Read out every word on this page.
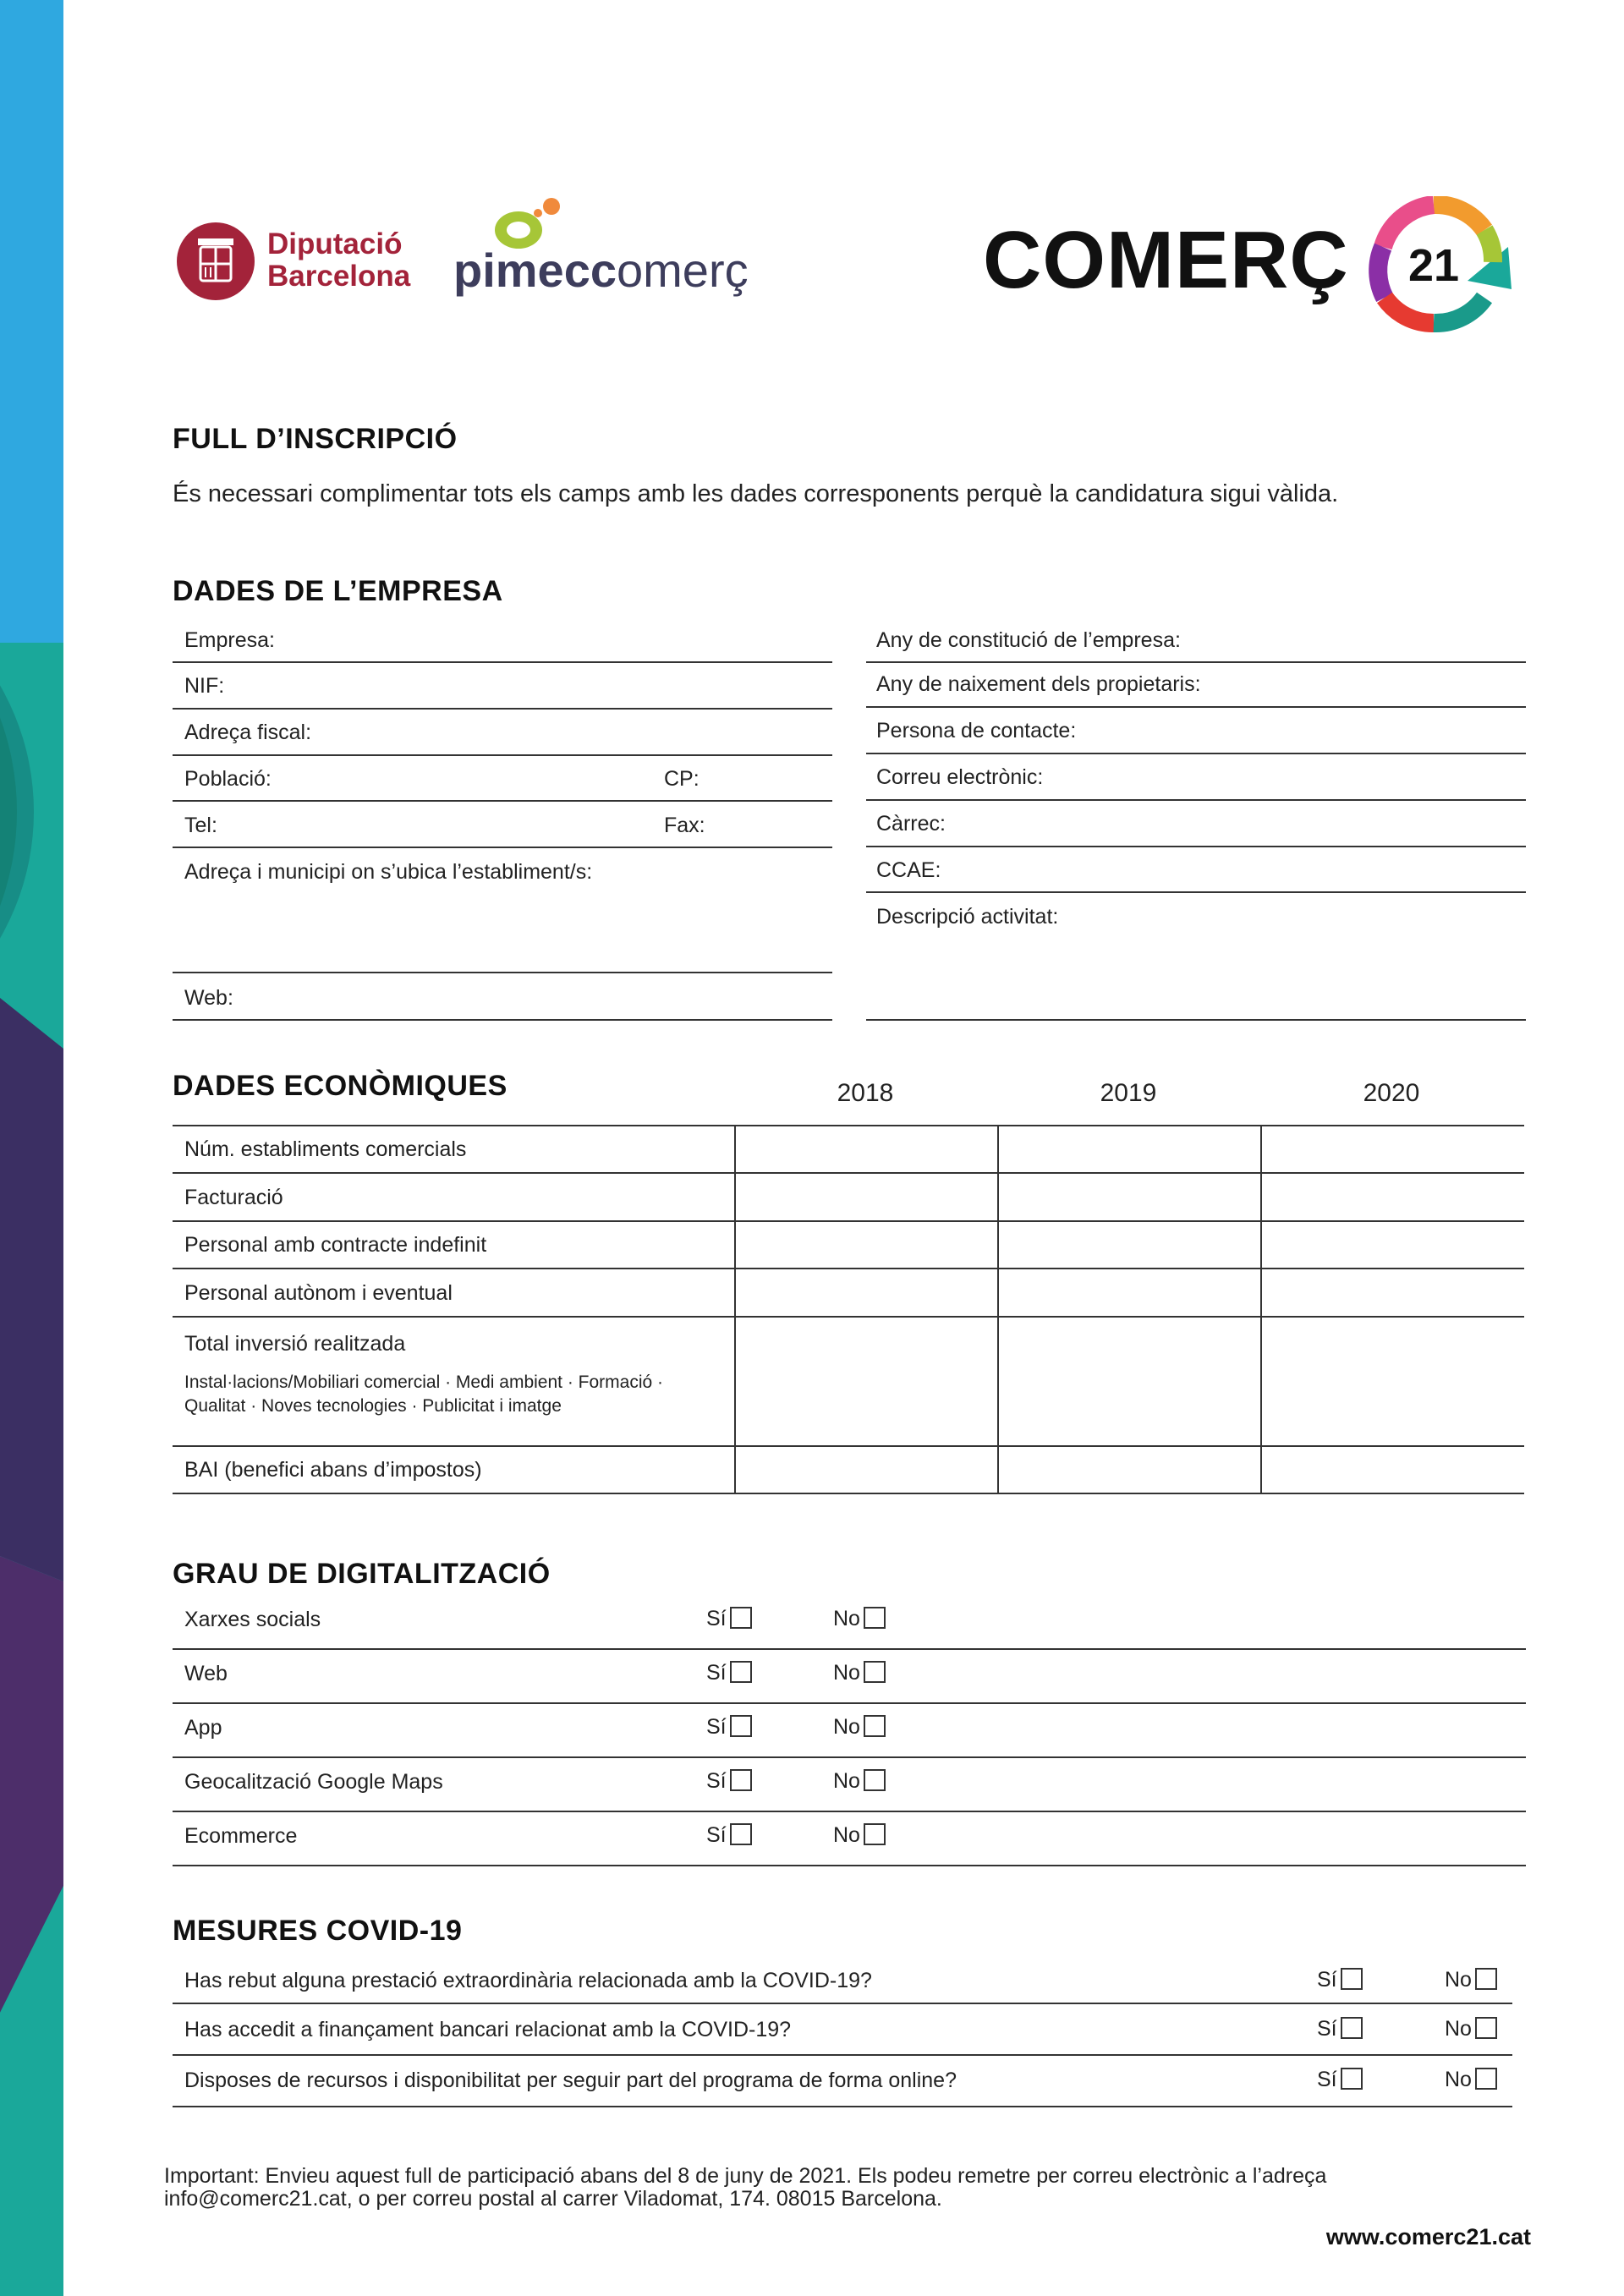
Diputació
Barcelona pimeccomerç	COMERÇ 21
FULL D’INSCRIPCIÓ
És necessari complimentar tots els camps amb les dades corresponents perquè la candidatura sigui vàlida.
DADES DE L’EMPRESA
Empresa:
NIF:
Adreça fiscal:
Població:	CP:
Tel:	Fax:
Adreça i municipi on s’ubica l’establiment/s:
Web:
Any de constitució de l’empresa:
Any de naixement dels propietaris:
Persona de contacte:
Correu electrònic:
Càrrec:
CCAE:
Descripció activitat:
DADES ECONÒMIQUES	2018	2019	2020
Núm. establiments comercials
Facturació
Personal amb contracte indefinit
Personal autònom i eventual
Total inversió realitzada
Instal·lacions/Mobiliari comercial · Medi ambient · Formació ·
Qualitat · Noves tecnologies · Publicitat i imatge
BAI (benefici abans d’impostos)
GRAU DE DIGITALITZACIÓ
Xarxes socials	Sí	No
Web	Sí	No
App	Sí	No
Geocalització Google Maps	Sí	No
Ecommerce	Sí	No
MESURES COVID-19
Has rebut alguna prestació extraordinària relacionada amb la COVID-19?	Sí	No
Has accedit a finançament bancari relacionat amb la COVID-19?	Sí	No
Disposes de recursos i disponibilitat per seguir part del programa de forma online?	Sí	No
Important: Envieu aquest full de participació abans del 8 de juny de 2021. Els podeu remetre per correu electrònic a l’adreça
info@comerc21.cat, o per correu postal al carrer Viladomat, 174. 08015 Barcelona.
www.comerc21.cat
